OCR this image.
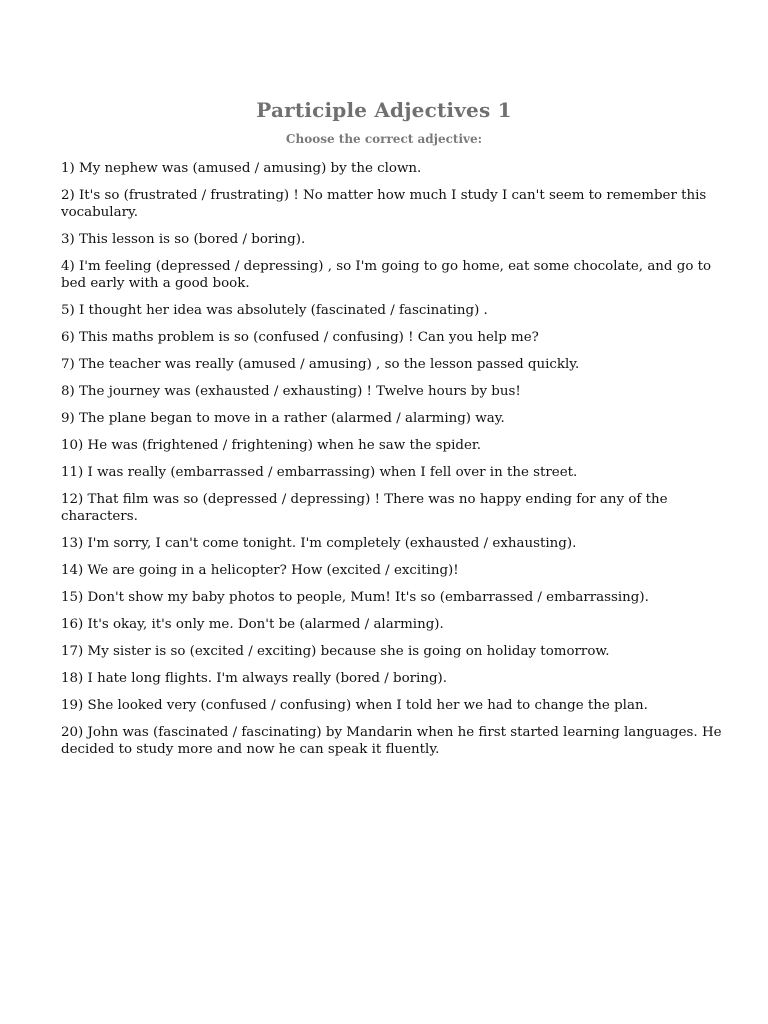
Participle Adjectives 1
Choose the correct adjective:
1) My nephew was (amused / amusing) by the clown.
2) It's so (frustrated / frustrating) ! No matter how much I study I can't seem to remember this vocabulary.
3) This lesson is so (bored / boring).
4) I'm feeling (depressed / depressing) , so I'm going to go home, eat some chocolate, and go to bed early with a good book.
5) I thought her idea was absolutely (fascinated / fascinating) .
6) This maths problem is so (confused / confusing) ! Can you help me?
7) The teacher was really (amused / amusing) , so the lesson passed quickly.
8) The journey was (exhausted / exhausting) ! Twelve hours by bus!
9) The plane began to move in a rather (alarmed / alarming) way.
10) He was (frightened / frightening) when he saw the spider.
11) I was really (embarrassed / embarrassing) when I fell over in the street.
12) That film was so (depressed / depressing) ! There was no happy ending for any of the characters.
13) I'm sorry, I can't come tonight. I'm completely (exhausted / exhausting).
14) We are going in a helicopter? How (excited / exciting)!
15) Don't show my baby photos to people, Mum! It's so (embarrassed / embarrassing).
16) It's okay, it's only me. Don't be (alarmed / alarming).
17) My sister is so (excited / exciting) because she is going on holiday tomorrow.
18) I hate long flights. I'm always really (bored / boring).
19) She looked very (confused / confusing) when I told her we had to change the plan.
20) John was (fascinated / fascinating) by Mandarin when he first started learning languages. He decided to study more and now he can speak it fluently.
